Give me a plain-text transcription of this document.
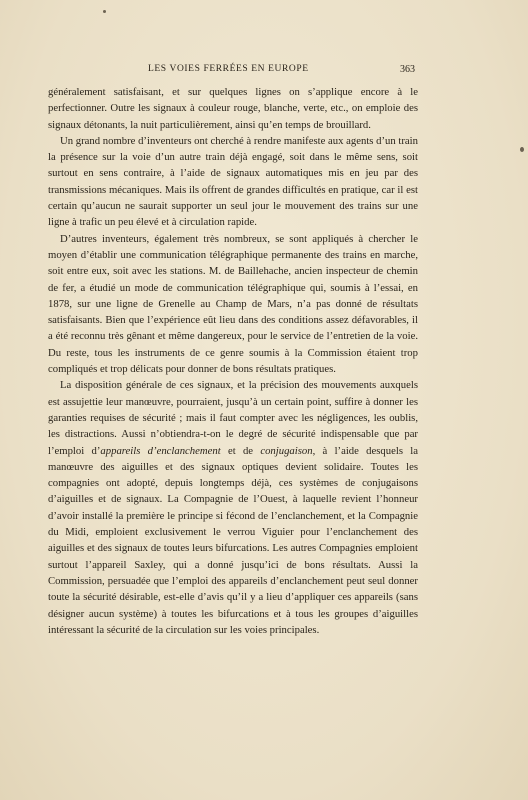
LES VOIES FERRÉES EN EUROPE	363

généralement satisfaisant, et sur quelques lignes on s’applique encore à le perfectionner. Outre les signaux à couleur rouge, blanche, verte, etc., on emploie des signaux détonants, la nuit particulièrement, ainsi qu’en temps de brouillard.

Un grand nombre d’inventeurs ont cherché à rendre manifeste aux agents d’un train la présence sur la voie d’un autre train déjà engagé, soit dans le même sens, soit surtout en sens contraire, à l’aide de signaux automatiques mis en jeu par des transmissions mécaniques. Mais ils offrent de grandes difficultés en pratique, car il est certain qu’aucun ne saurait supporter un seul jour le mouvement des trains sur une ligne à trafic un peu élevé et à circulation rapide.

D’autres inventeurs, également très nombreux, se sont appliqués à chercher le moyen d’établir une communication télégraphique permanente des trains en marche, soit entre eux, soit avec les stations. M. de Baillehache, ancien inspecteur de chemin de fer, a étudié un mode de communication télégraphique qui, soumis à l’essai, en 1878, sur une ligne de Grenelle au Champ de Mars, n’a pas donné de résultats satisfaisants. Bien que l’expérience eût lieu dans des conditions assez défavorables, il a été reconnu très gênant et même dangereux, pour le service de l’entretien de la voie. Du reste, tous les instruments de ce genre soumis à la Commission étaient trop compliqués et trop délicats pour donner de bons résultats pratiques.

La disposition générale de ces signaux, et la précision des mouvements auxquels est assujettie leur manœuvre, pourraient, jusqu’à un certain point, suffire à donner les garanties requises de sécurité ; mais il faut compter avec les négligences, les oublis, les distractions. Aussi n’obtiendra-t-on le degré de sécurité indispensable que par l’emploi d’appareils d’enclanchement et de conjugaison, à l’aide desquels la manœuvre des aiguilles et des signaux optiques devient solidaire. Toutes les compagnies ont adopté, depuis longtemps déjà, ces systèmes de conjugaisons d’aiguilles et de signaux. La Compagnie de l’Ouest, à laquelle revient l’honneur d’avoir installé la première le principe si fécond de l’enclanchement, et la Compagnie du Midi, emploient exclusivement le verrou Viguier pour l’enclanchement des aiguilles et des signaux de toutes leurs bifurcations. Les autres Compagnies emploient surtout l’appareil Saxley, qui a donné jusqu’ici de bons résultats. Aussi la Commission, persuadée que l’emploi des appareils d’enclanchement peut seul donner toute la sécurité désirable, est-elle d’avis qu’il y a lieu d’appliquer ces appareils (sans désigner aucun système) à toutes les bifurcations et à tous les groupes d’aiguilles intéressant la sécurité de la circulation sur les voies principales.
